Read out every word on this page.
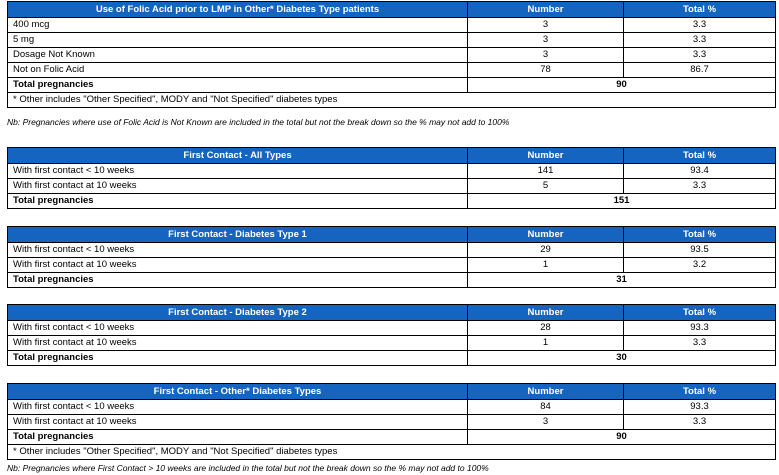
Use of Folic Acid prior to LMP in Other* Diabetes Type patients	Number	Total %
400 mcg	3	3.3
5 mg	3	3.3
Dosage Not Known	3	3.3
Not on Folic Acid	78	86.7
Total pregnancies	90	
* Other includes "Other Specified", MODY and "Not Specified" diabetes types		
Nb: Pregnancies where use of Folic Acid is Not Known are included in the total but not the break down so the % may not add to 100%
First Contact - All Types	Number	Total %
With first contact < 10 weeks	141	93.4
With first contact at 10 weeks	5	3.3
Total pregnancies	151	
First Contact - Diabetes Type 1	Number	Total %
With first contact < 10 weeks	29	93.5
With first contact at 10 weeks	1	3.2
Total pregnancies	31	
First Contact - Diabetes Type 2	Number	Total %
With first contact < 10 weeks	28	93.3
With first contact at 10 weeks	1	3.3
Total pregnancies	30	
First Contact - Other* Diabetes Types	Number	Total %
With first contact < 10 weeks	84	93.3
With first contact at 10 weeks	3	3.3
Total pregnancies	90	
* Other includes "Other Specified", MODY and "Not Specified" diabetes types		
Nb: Pregnancies where First Contact > 10 weeks are included in the total but not the break down so the % may not add to 100%
